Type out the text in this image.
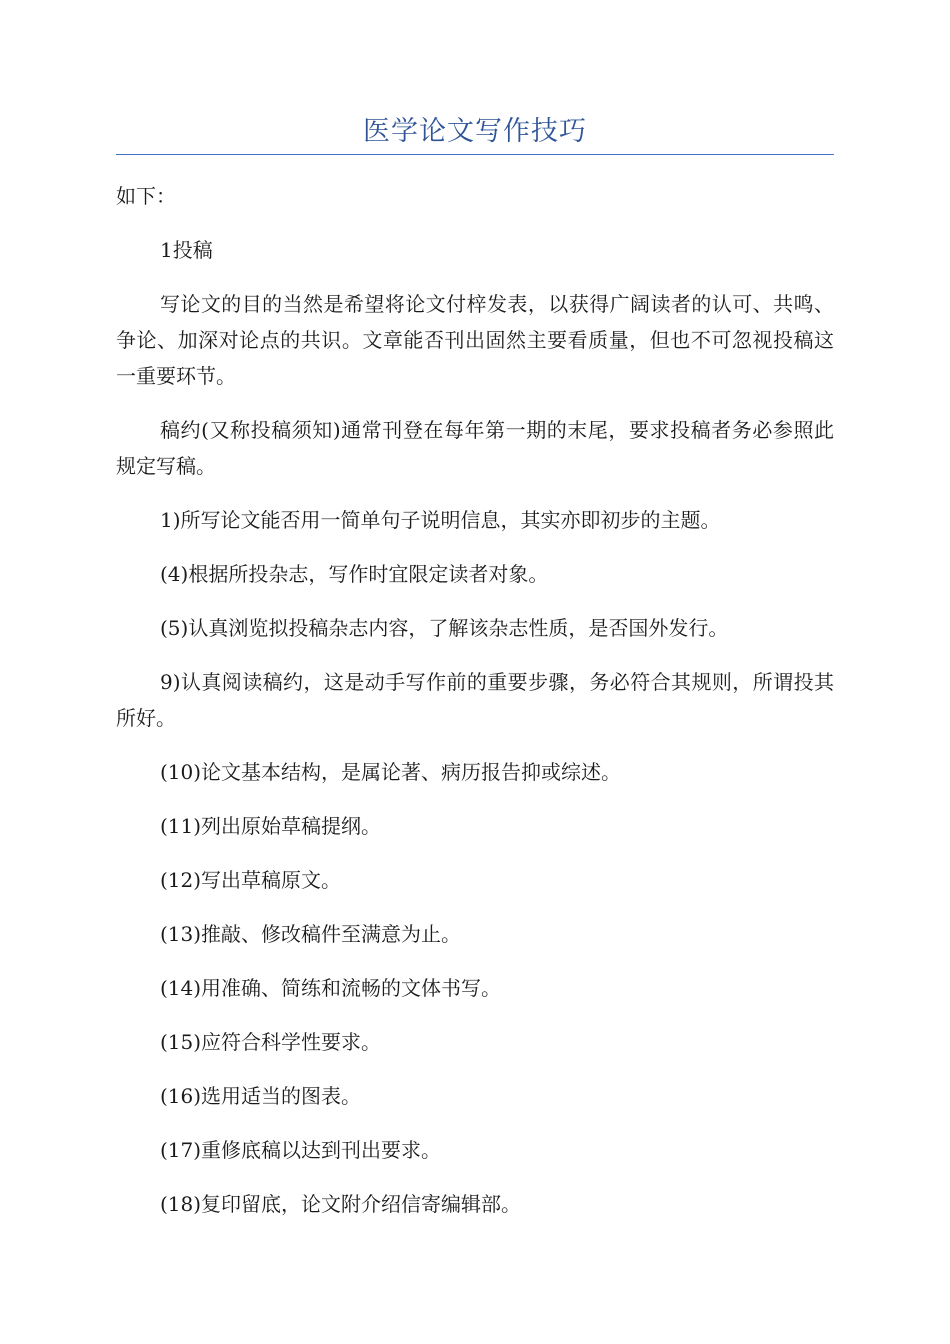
医学论文写作技巧

如下：

1投稿

写论文的目的当然是希望将论文付梓发表，以获得广阔读者的认可、共鸣、争论、加深对论点的共识。文章能否刊出固然主要看质量，但也不可忽视投稿这一重要环节。

稿约(又称投稿须知)通常刊登在每年第一期的末尾，要求投稿者务必参照此规定写稿。

1)所写论文能否用一简单句子说明信息，其实亦即初步的主题。

(4)根据所投杂志，写作时宜限定读者对象。

(5)认真浏览拟投稿杂志内容，了解该杂志性质，是否国外发行。

9)认真阅读稿约，这是动手写作前的重要步骤，务必符合其规则，所谓投其所好。

(10)论文基本结构，是属论著、病历报告抑或综述。

(11)列出原始草稿提纲。

(12)写出草稿原文。

(13)推敲、修改稿件至满意为止。

(14)用准确、简练和流畅的文体书写。

(15)应符合科学性要求。

(16)选用适当的图表。

(17)重修底稿以达到刊出要求。

(18)复印留底，论文附介绍信寄编辑部。
